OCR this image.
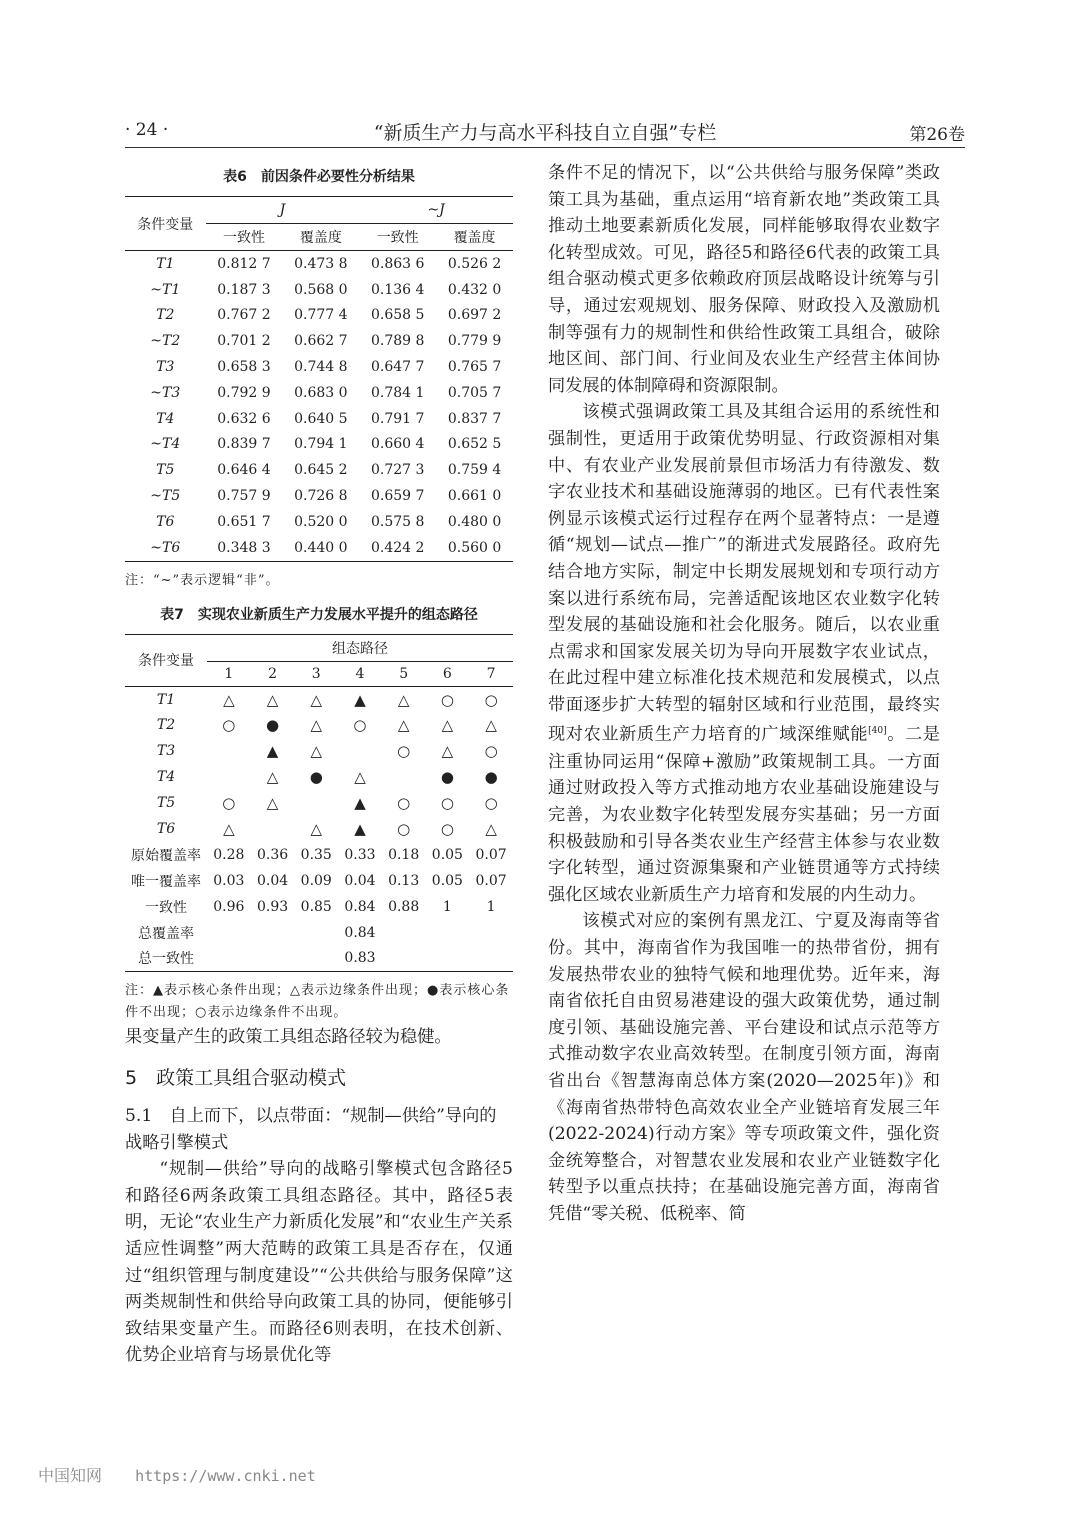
· 24 ·	“新质生产力与高水平科技自立自强”专栏	第26卷
表6　前因条件必要性分析结果
条件变量	J		~J	
	一致性	覆盖度	一致性	覆盖度
T1	0.812 7	0.473 8	0.863 6	0.526 2
~T1	0.187 3	0.568 0	0.136 4	0.432 0
T2	0.767 2	0.777 4	0.658 5	0.697 2
~T2	0.701 2	0.662 7	0.789 8	0.779 9
T3	0.658 3	0.744 8	0.647 7	0.765 7
~T3	0.792 9	0.683 0	0.784 1	0.705 7
T4	0.632 6	0.640 5	0.791 7	0.837 7
~T4	0.839 7	0.794 1	0.660 4	0.652 5
T5	0.646 4	0.645 2	0.727 3	0.759 4
~T5	0.757 9	0.726 8	0.659 7	0.661 0
T6	0.651 7	0.520 0	0.575 8	0.480 0
~T6	0.348 3	0.440 0	0.424 2	0.560 0
注：“~”表示逻辑“非”。
表7　实现农业新质生产力发展水平提升的组态路径
条件变量	组态路径						
	1	2	3	4	5	6	7
T1	△	△	△	▲	△	○	○
T2	○	●	△	○	△	△	△
T3		▲	△		○	△	○
T4		△	●	△		●	●
T5	○	△		▲	○	○	○
T6	△		△	▲	○	○	△
原始覆盖率	0.28	0.36	0.35	0.33	0.18	0.05	0.07
唯一覆盖率	0.03	0.04	0.09	0.04	0.13	0.05	0.07
一致性	0.96	0.93	0.85	0.84	0.88	1	1
总覆盖率	0.84						
总一致性	0.83						
注：▲表示核心条件出现；△表示边缘条件出现；●表示核心条件不出现；○表示边缘条件不出现。

果变量产生的政策工具组态路径较为稳健。

5　政策工具组合驱动模式
5.1　自上而下，以点带面：“规制—供给”导向的战略引擎模式

“规制—供给”导向的战略引擎模式包含路径5和路径6两条政策工具组态路径。其中，路径5表明，无论“农业生产力新质化发展”和“农业生产关系适应性调整”两大范畴的政策工具是否存在，仅通过“组织管理与制度建设”“公共供给与服务保障”这两类规制性和供给导向政策工具的协同，便能够引致结果变量产生。而路径6则表明，在技术创新、优势企业培育与场景优化等

条件不足的情况下，以“公共供给与服务保障”类政策工具为基础，重点运用“培育新农地”类政策工具推动土地要素新质化发展，同样能够取得农业数字化转型成效。可见，路径5和路径6代表的政策工具组合驱动模式更多依赖政府顶层战略设计统筹与引导，通过宏观规划、服务保障、财政投入及激励机制等强有力的规制性和供给性政策工具组合，破除地区间、部门间、行业间及农业生产经营主体间协同发展的体制障碍和资源限制。

该模式强调政策工具及其组合运用的系统性和强制性，更适用于政策优势明显、行政资源相对集中、有农业产业发展前景但市场活力有待激发、数字农业技术和基础设施薄弱的地区。已有代表性案例显示该模式运行过程存在两个显著特点：一是遵循“规划—试点—推广”的渐进式发展路径。政府先结合地方实际，制定中长期发展规划和专项行动方案以进行系统布局，完善适配该地区农业数字化转型发展的基础设施和社会化服务。随后，以农业重点需求和国家发展关切为导向开展数字农业试点，在此过程中建立标准化技术规范和发展模式，以点带面逐步扩大转型的辐射区域和行业范围，最终实现对农业新质生产力培育的广域深维赋能[40]。二是注重协同运用“保障+激励”政策规制工具。一方面通过财政投入等方式推动地方农业基础设施建设与完善，为农业数字化转型发展夯实基础；另一方面积极鼓励和引导各类农业生产经营主体参与农业数字化转型，通过资源集聚和产业链贯通等方式持续强化区域农业新质生产力培育和发展的内生动力。

该模式对应的案例有黑龙江、宁夏及海南等省份。其中，海南省作为我国唯一的热带省份，拥有发展热带农业的独特气候和地理优势。近年来，海南省依托自由贸易港建设的强大政策优势，通过制度引领、基础设施完善、平台建设和试点示范等方式推动数字农业高效转型。在制度引领方面，海南省出台《智慧海南总体方案(2020—2025年)》和《海南省热带特色高效农业全产业链培育发展三年(2022-2024)行动方案》等专项政策文件，强化资金统筹整合，对智慧农业发展和农业产业链数字化转型予以重点扶持；在基础设施完善方面，海南省凭借“零关税、低税率、简

中国知网 https://www.cnki.net
